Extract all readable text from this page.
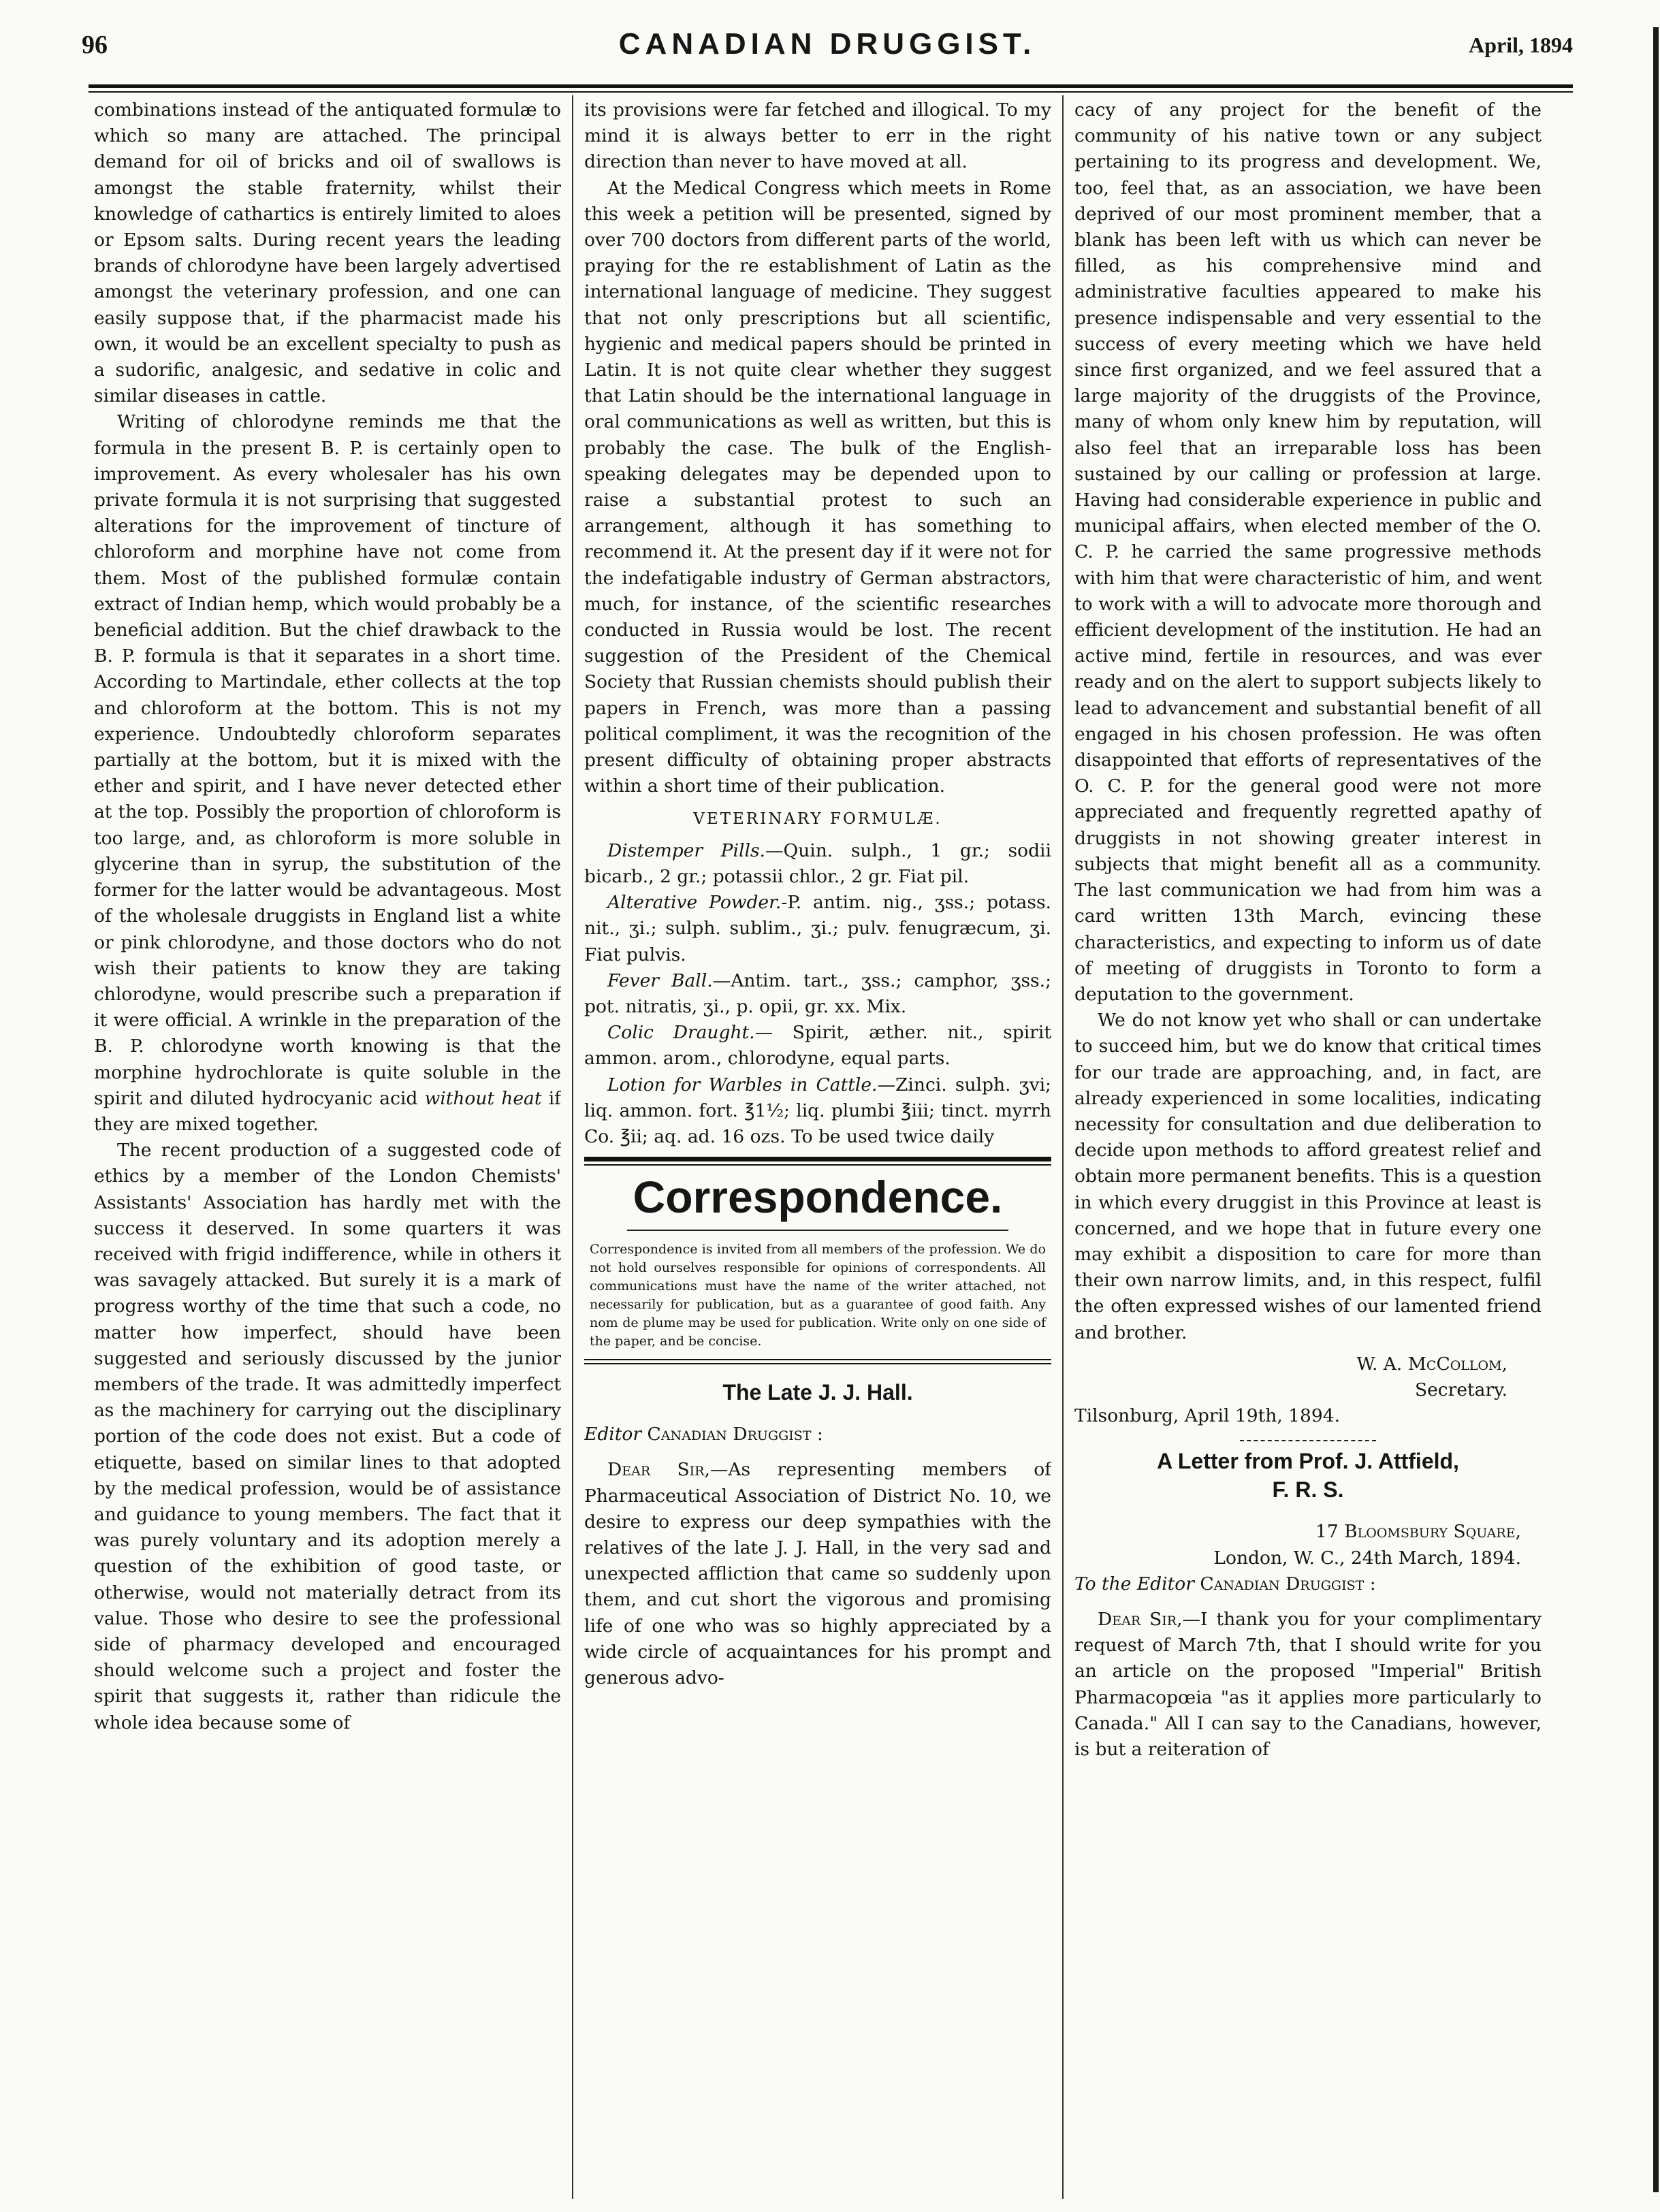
96	CANADIAN DRUGGIST.	April, 1894

combinations instead of the antiquated formulæ to which so many are attached. The principal demand for oil of bricks and oil of swallows is amongst the stable fraternity, whilst their knowledge of cathartics is entirely limited to aloes or Epsom salts. During recent years the leading brands of chlorodyne have been largely advertised amongst the veterinary profession, and one can easily suppose that, if the pharmacist made his own, it would be an excellent specialty to push as a sudorific, analgesic, and sedative in colic and similar diseases in cattle.

Writing of chlorodyne reminds me that the formula in the present B. P. is certainly open to improvement. As every wholesaler has his own private formula it is not surprising that suggested alterations for the improvement of tincture of chloroform and morphine have not come from them. Most of the published formulæ contain extract of Indian hemp, which would probably be a beneficial addition. But the chief drawback to the B. P. formula is that it separates in a short time. According to Martindale, ether collects at the top and chloroform at the bottom. This is not my experience. Undoubtedly chloroform separates partially at the bottom, but it is mixed with the ether and spirit, and I have never detected ether at the top. Possibly the proportion of chloroform is too large, and, as chloroform is more soluble in glycerine than in syrup, the substitution of the former for the latter would be advantageous. Most of the wholesale druggists in England list a white or pink chlorodyne, and those doctors who do not wish their patients to know they are taking chlorodyne, would prescribe such a preparation if it were official. A wrinkle in the preparation of the B. P. chlorodyne worth knowing is that the morphine hydrochlorate is quite soluble in the spirit and diluted hydrocyanic acid without heat if they are mixed together.

The recent production of a suggested code of ethics by a member of the London Chemists' Assistants' Association has hardly met with the success it deserved. In some quarters it was received with frigid indifference, while in others it was savagely attacked. But surely it is a mark of progress worthy of the time that such a code, no matter how imperfect, should have been suggested and seriously discussed by the junior members of the trade. It was admittedly imperfect as the machinery for carrying out the disciplinary portion of the code does not exist. But a code of etiquette, based on similar lines to that adopted by the medical profession, would be of assistance and guidance to young members. The fact that it was purely voluntary and its adoption merely a question of the exhibition of good taste, or otherwise, would not materially detract from its value. Those who desire to see the professional side of pharmacy developed and encouraged should welcome such a project and foster the spirit that suggests it, rather than ridicule the whole idea because some of

its provisions were far fetched and illogical. To my mind it is always better to err in the right direction than never to have moved at all.

At the Medical Congress which meets in Rome this week a petition will be presented, signed by over 700 doctors from different parts of the world, praying for the re establishment of Latin as the international language of medicine. They suggest that not only prescriptions but all scientific, hygienic and medical papers should be printed in Latin. It is not quite clear whether they suggest that Latin should be the international language in oral communications as well as written, but this is probably the case. The bulk of the English-speaking delegates may be depended upon to raise a substantial protest to such an arrangement, although it has something to recommend it. At the present day if it were not for the indefatigable industry of German abstractors, much, for instance, of the scientific researches conducted in Russia would be lost. The recent suggestion of the President of the Chemical Society that Russian chemists should publish their papers in French, was more than a passing political compliment, it was the recognition of the present difficulty of obtaining proper abstracts within a short time of their publication.

VETERINARY FORMULÆ.

Distemper Pills.—Quin. sulph., 1 gr.; sodii bicarb., 2 gr.; potassii chlor., 2 gr. Fiat pil.

Alterative Powder.-P. antim. nig., ʒss.; potass. nit., ʒi.; sulph. sublim., ʒi.; pulv. fenugræcum, ʒi. Fiat pulvis.

Fever Ball.—Antim. tart., ʒss.; camphor, ʒss.; pot. nitratis, ʒi., p. opii, gr. xx. Mix.

Colic Draught.— Spirit, æther. nit., spirit ammon. arom., chlorodyne, equal parts.

Lotion for Warbles in Cattle.—Zinci. sulph. ʒvi; liq. ammon. fort. ℥1½; liq. plumbi ℥iii; tinct. myrrh Co. ℥ii; aq. ad. 16 ozs. To be used twice daily

Correspondence.

Correspondence is invited from all members of the profession. We do not hold ourselves responsible for opinions of correspondents. All communications must have the name of the writer attached, not necessarily for publication, but as a guarantee of good faith. Any nom de plume may be used for publication. Write only on one side of the paper, and be concise.

The Late J. J. Hall.

Editor Canadian Druggist :

Dear Sir,—As representing members of Pharmaceutical Association of District No. 10, we desire to express our deep sympathies with the relatives of the late J. J. Hall, in the very sad and unexpected affliction that came so suddenly upon them, and cut short the vigorous and promising life of one who was so highly appreciated by a wide circle of acquaintances for his prompt and generous advo-

cacy of any project for the benefit of the community of his native town or any subject pertaining to its progress and development. We, too, feel that, as an association, we have been deprived of our most prominent member, that a blank has been left with us which can never be filled, as his comprehensive mind and administrative faculties appeared to make his presence indispensable and very essential to the success of every meeting which we have held since first organized, and we feel assured that a large majority of the druggists of the Province, many of whom only knew him by reputation, will also feel that an irreparable loss has been sustained by our calling or profession at large. Having had considerable experience in public and municipal affairs, when elected member of the O. C. P. he carried the same progressive methods with him that were characteristic of him, and went to work with a will to advocate more thorough and efficient development of the institution. He had an active mind, fertile in resources, and was ever ready and on the alert to support subjects likely to lead to advancement and substantial benefit of all engaged in his chosen profession. He was often disappointed that efforts of representatives of the O. C. P. for the general good were not more appreciated and frequently regretted apathy of druggists in not showing greater interest in subjects that might benefit all as a community. The last communication we had from him was a card written 13th March, evincing these characteristics, and expecting to inform us of date of meeting of druggists in Toronto to form a deputation to the government.

We do not know yet who shall or can undertake to succeed him, but we do know that critical times for our trade are approaching, and, in fact, are already experienced in some localities, indicating necessity for consultation and due deliberation to decide upon methods to afford greatest relief and obtain more permanent benefits. This is a question in which every druggist in this Province at least is concerned, and we hope that in future every one may exhibit a disposition to care for more than their own narrow limits, and, in this respect, fulfil the often expressed wishes of our lamented friend and brother.

W. A. McCollom,

Secretary.

Tilsonburg, April 19th, 1894.

A Letter from Prof. J. Attfield,
F. R. S.

17 Bloomsbury Square,

London, W. C., 24th March, 1894.

To the Editor Canadian Druggist :

Dear Sir,—I thank you for your complimentary request of March 7th, that I should write for you an article on the proposed "Imperial" British Pharmacopœia "as it applies more particularly to Canada." All I can say to the Canadians, however, is but a reiteration of
